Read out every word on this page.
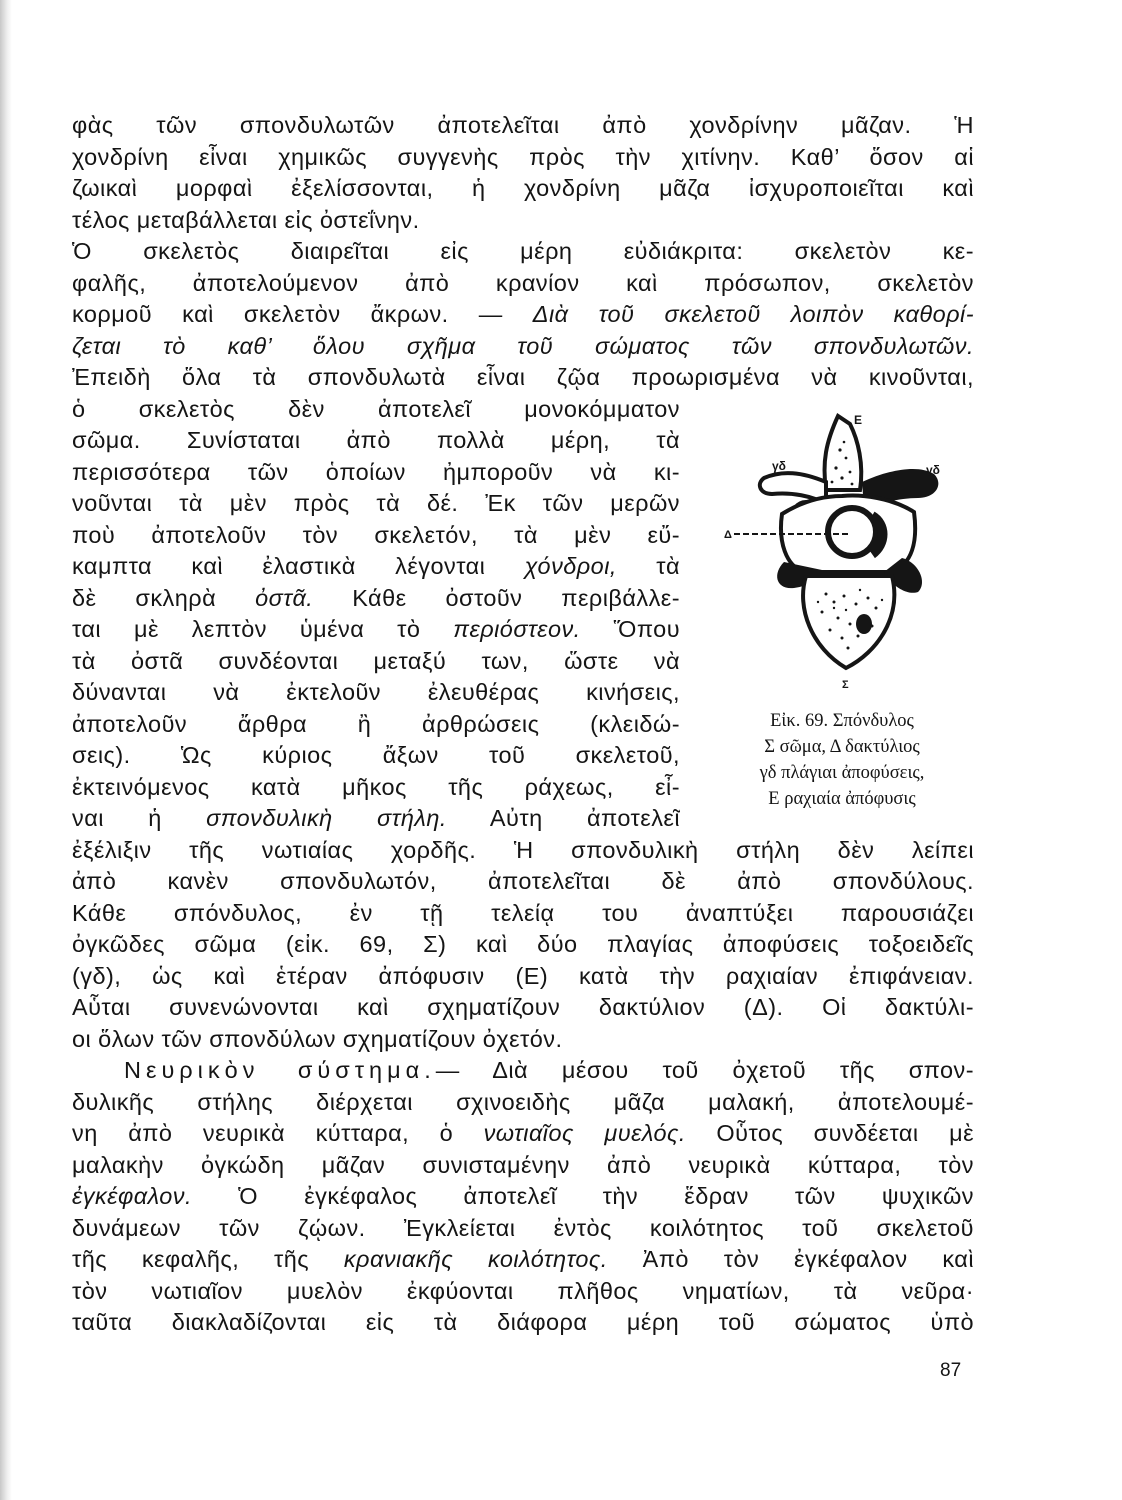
φὰς τῶν σπονδυλωτῶν ἀποτελεῖται ἀπὸ χονδρίνην μᾶζαν. Ἡ
χονδρίνη εἶναι χημικῶς συγγενὴς πρὸς τὴν χιτίνην. Καθ’ ὅσον αἱ
ζωικαὶ μορφαὶ ἐξελίσσονται, ἡ χονδρίνη μᾶζα ἰσχυροποιεῖται καὶ
τέλος μεταβάλλεται εἰς ὀστεΐνην.
Ὁ σκελετὸς διαιρεῖται εἰς μέρη εὐδιάκριτα: σκελετὸν κε-
φαλῆς, ἀποτελούμενον ἀπὸ κρανίον καὶ πρόσωπον, σκελετὸν
κορμοῦ καὶ σκελετὸν ἄκρων. — Διὰ τοῦ σκελετοῦ λοιπὸν καθορί-
ζεται τὸ καθ’ ὅλου σχῆμα τοῦ σώματος τῶν σπονδυλωτῶν.
Ἐπειδὴ ὅλα τὰ σπονδυλωτὰ εἶναι ζῷα προωρισμένα νὰ κινοῦνται,
ὁ σκελετὸς δὲν ἀποτελεῖ μονοκόμματον
σῶμα. Συνίσταται ἀπὸ πολλὰ μέρη, τὰ
περισσότερα τῶν ὁποίων ἠμποροῦν νὰ κι-
νοῦνται τὰ μὲν πρὸς τὰ δέ. Ἐκ τῶν μερῶν
ποὺ ἀποτελοῦν τὸν σκελετόν, τὰ μὲν εὔ-
καμπτα καὶ ἐλαστικὰ λέγονται χόνδροι, τὰ
δὲ σκληρὰ ὀστᾶ. Κάθε ὀστοῦν περιβάλλε-
ται μὲ λεπτὸν ὑμένα τὸ περιόστεον. Ὅπου
τὰ ὀστᾶ συνδέονται μεταξύ των, ὥστε νὰ
δύνανται νὰ ἐκτελοῦν ἐλευθέρας κινήσεις,
ἀποτελοῦν ἄρθρα ἢ ἀρθρώσεις (κλειδώ-
σεις). Ὡς κύριος ἄξων τοῦ σκελετοῦ,
ἐκτεινόμενος κατὰ μῆκος τῆς ράχεως, εἶ-
ναι ἡ σπονδυλικὴ στήλη. Αὐτη ἀποτελεῖ
ἐξέλιξιν τῆς νωτιαίας χορδῆς. Ἡ σπονδυλικὴ στήλη δὲν λείπει
ἀπὸ κανὲν σπονδυλωτόν, ἀποτελεῖται δὲ ἀπὸ σπονδύλους.
Κάθε σπόνδυλος, ἐν τῇ τελείᾳ του ἀναπτύξει παρουσιάζει
ὀγκῶδες σῶμα (εἰκ. 69, Σ) καὶ δύο πλαγίας ἀποφύσεις τοξοειδεῖς
(γδ), ὡς καὶ ἑτέραν ἀπόφυσιν (Ε) κατὰ τὴν ραχιαίαν ἐπιφάνειαν.
Αὗται συνενώνονται καὶ σχηματίζουν δακτύλιον (Δ). Οἱ δακτύλι-
οι ὅλων τῶν σπονδύλων σχηματίζουν ὀχετόν.
Νευρικὸν σύστημα.— Διὰ μέσου τοῦ ὀχετοῦ τῆς σπον-
δυλικῆς στήλης διέρχεται σχινοειδὴς μᾶζα μαλακή, ἀποτελουμέ-
νη ἀπὸ νευρικὰ κύτταρα, ὁ νωτιαῖος μυελός. Οὗτος συνδέεται μὲ
μαλακὴν ὀγκώδη μᾶζαν συνισταμένην ἀπὸ νευρικὰ κύτταρα, τὸν
ἐγκέφαλον. Ὁ ἐγκέφαλος ἀποτελεῖ τὴν ἕδραν τῶν ψυχικῶν
δυνάμεων τῶν ζῴων. Ἐγκλείεται ἐντὸς κοιλότητος τοῦ σκελετοῦ
τῆς κεφαλῆς, τῆς κρανιακῆς κοιλότητος. Ἀπὸ τὸν ἐγκέφαλον καὶ
τὸν νωτιαῖον μυελὸν ἐκφύονται πλῆθος νηματίων, τὰ νεῦρα·
ταῦτα διακλαδίζονται εἰς τὰ διάφορα μέρη τοῦ σώματος ὑπὸ
Ε
γδ	γδ
Δ
Σ
Εἰκ. 69. Σπόνδυλος
Σ σῶμα, Δ δακτύλιος
γδ πλάγιαι ἀποφύσεις,
Ε ραχιαία ἀπόφυσις
87
